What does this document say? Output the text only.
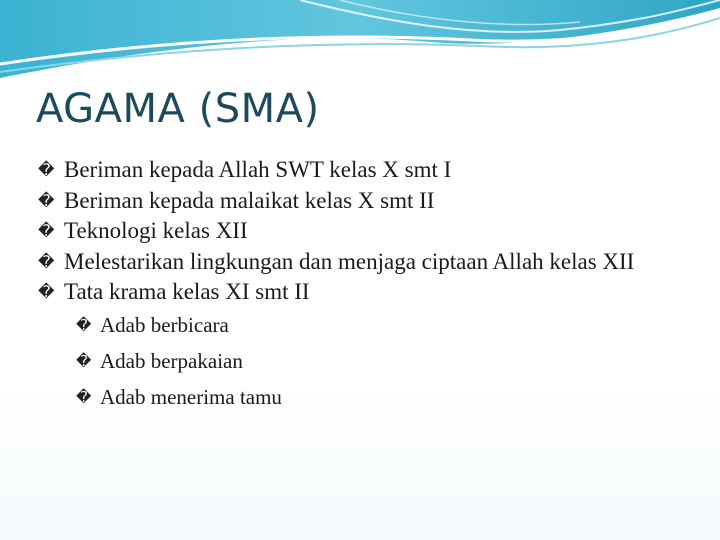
AGAMA (SMA)
� Beriman kepada Allah SWT kelas X smt I
� Beriman kepada malaikat kelas X smt II
� Teknologi kelas XII
� Melestarikan lingkungan dan menjaga ciptaan Allah kelas XII
� Tata krama kelas XI smt II
� Adab berbicara
� Adab berpakaian
� Adab menerima tamu
